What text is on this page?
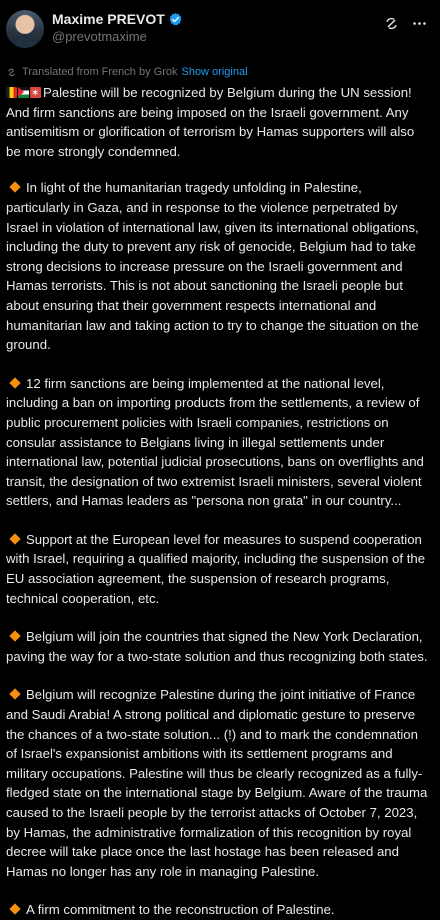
Maxime PREVOT
@prevotmaxime
Translated from French by Grok Show original

✶Palestine will be recognized by Belgium during the UN session! And firm sanctions are being imposed on the Israeli government. Any antisemitism or glorification of terrorism by Hamas supporters will also be more strongly condemned.

In light of the humanitarian tragedy unfolding in Palestine, particularly in Gaza, and in response to the violence perpetrated by Israel in violation of international law, given its international obligations, including the duty to prevent any risk of genocide, Belgium had to take strong decisions to increase pressure on the Israeli government and Hamas terrorists. This is not about sanctioning the Israeli people but about ensuring that their government respects international and humanitarian law and taking action to try to change the situation on the ground.

12 firm sanctions are being implemented at the national level, including a ban on importing products from the settlements, a review of public procurement policies with Israeli companies, restrictions on consular assistance to Belgians living in illegal settlements under international law, potential judicial prosecutions, bans on overflights and transit, the designation of two extremist Israeli ministers, several violent settlers, and Hamas leaders as "persona non grata" in our country...

Support at the European level for measures to suspend cooperation with Israel, requiring a qualified majority, including the suspension of the EU association agreement, the suspension of research programs, technical cooperation, etc.

Belgium will join the countries that signed the New York Declaration, paving the way for a two-state solution and thus recognizing both states.

Belgium will recognize Palestine during the joint initiative of France and Saudi Arabia! A strong political and diplomatic gesture to preserve the chances of a two-state solution... (!) and to mark the condemnation of Israel's expansionist ambitions with its settlement programs and military occupations. Palestine will thus be clearly recognized as a fully-fledged state on the international stage by Belgium. Aware of the trauma caused to the Israeli people by the terrorist attacks of October 7, 2023, by Hamas, the administrative formalization of this recognition by royal decree will take place once the last hostage has been released and Hamas no longer has any role in managing Palestine.

A firm commitment to the reconstruction of Palestine.
